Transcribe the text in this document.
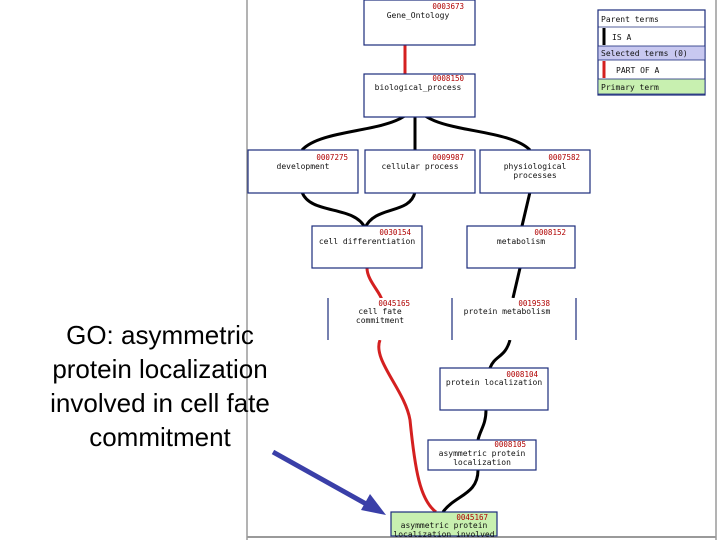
0003673
Gene_Ontology
0008150
biological_process
0007275
development
0009987
cellular process
0007582
physiological
processes
0030154
cell differentiation
0008152
metabolism
0045165
cell fate
commitment
0019538
protein metabolism
0008104
protein localization
0008105
asymmetric protein
localization
0045167
asymmetric protein
localization involved
Parent terms
IS A
Selected terms (0)
PART OF A
Primary term
GO: asymmetric
protein localization
involved in cell fate
commitment
